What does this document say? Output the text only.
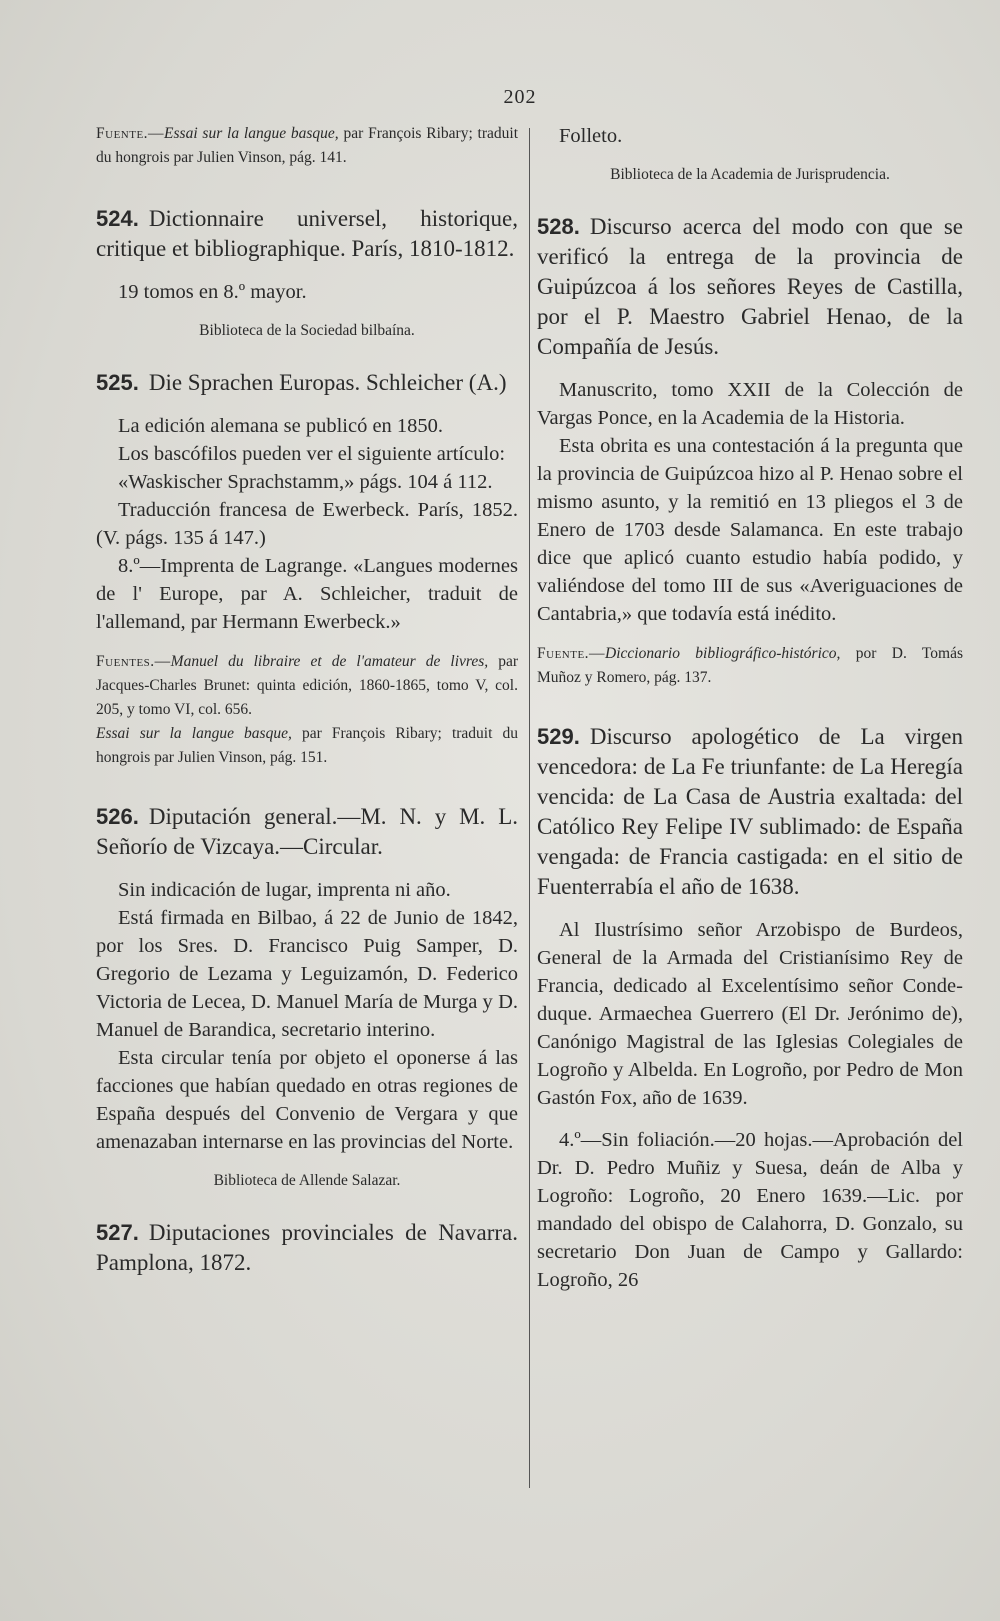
202

Fuente.—Essai sur la langue basque, par François Ribary; traduit du hongrois par Julien Vinson, pág. 141.

524. Dictionnaire universel, historique, critique et bibliographique. París, 1810-1812.

19 tomos en 8.º mayor.

Biblioteca de la Sociedad bilbaína.

525. Die Sprachen Europas. Schleicher (A.)

La edición alemana se publicó en 1850.

Los bascófilos pueden ver el siguiente artículo:

«Waskischer Sprachstamm,» págs. 104 á 112.

Traducción francesa de Ewerbeck. París, 1852. (V. págs. 135 á 147.)

8.º—Imprenta de Lagrange. «Langues modernes de l' Europe, par A. Schleicher, traduit de l'allemand, par Hermann Ewerbeck.»

Fuentes.—Manuel du libraire et de l'amateur de livres, par Jacques-Charles Brunet: quinta edición, 1860-1865, tomo V, col. 205, y tomo VI, col. 656.
Essai sur la langue basque, par François Ribary; traduit du hongrois par Julien Vinson, pág. 151.

526. Diputación general.—M. N. y M. L. Señorío de Vizcaya.—Circular.

Sin indicación de lugar, imprenta ni año.

Está firmada en Bilbao, á 22 de Junio de 1842, por los Sres. D. Francisco Puig Samper, D. Gregorio de Lezama y Leguizamón, D. Federico Victoria de Lecea, D. Manuel María de Murga y D. Manuel de Barandica, secretario interino.

Esta circular tenía por objeto el oponerse á las facciones que habían quedado en otras regiones de España después del Convenio de Vergara y que amenazaban internarse en las provincias del Norte.

Biblioteca de Allende Salazar.

527. Diputaciones provinciales de Navarra. Pamplona, 1872.

Folleto.

Biblioteca de la Academia de Jurisprudencia.

528. Discurso acerca del modo con que se verificó la entrega de la provincia de Guipúzcoa á los señores Reyes de Castilla, por el P. Maestro Gabriel Henao, de la Compañía de Jesús.

Manuscrito, tomo XXII de la Colección de Vargas Ponce, en la Academia de la Historia.

Esta obrita es una contestación á la pregunta que la provincia de Guipúzcoa hizo al P. Henao sobre el mismo asunto, y la remitió en 13 pliegos el 3 de Enero de 1703 desde Salamanca. En este trabajo dice que aplicó cuanto estudio había podido, y valiéndose del tomo III de sus «Averiguaciones de Cantabria,» que todavía está inédito.

Fuente.—Diccionario bibliográfico-histórico, por D. Tomás Muñoz y Romero, pág. 137.

529. Discurso apologético de La virgen vencedora: de La Fe triunfante: de La Heregía vencida: de La Casa de Austria exaltada: del Católico Rey Felipe IV sublimado: de España vengada: de Francia castigada: en el sitio de Fuenterrabía el año de 1638.

Al Ilustrísimo señor Arzobispo de Burdeos, General de la Armada del Cristianísimo Rey de Francia, dedicado al Excelentísimo señor Conde-duque. Armaechea Guerrero (El Dr. Jerónimo de), Canónigo Magistral de las Iglesias Colegiales de Logroño y Albelda. En Logroño, por Pedro de Mon Gastón Fox, año de 1639.

4.º—Sin foliación.—20 hojas.—Aprobación del Dr. D. Pedro Muñiz y Suesa, deán de Alba y Logroño: Logroño, 20 Enero 1639.—Lic. por mandado del obispo de Calahorra, D. Gonzalo, su secretario Don Juan de Campo y Gallardo: Logroño, 26
